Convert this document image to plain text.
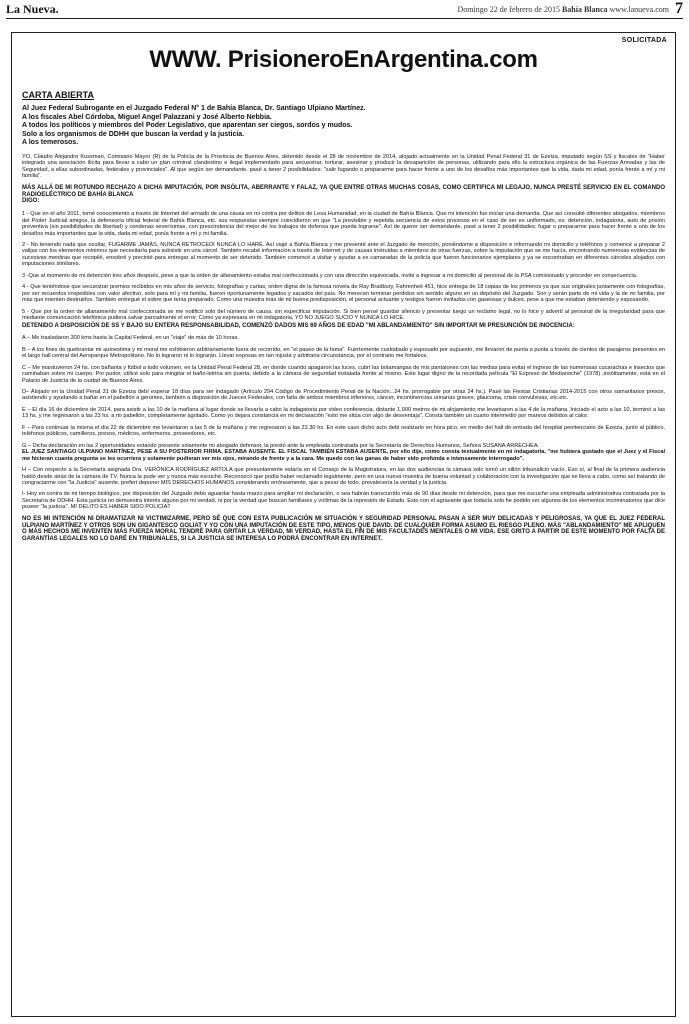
La Nueva.	Domingo 22 de febrero de 2015 Bahía Blanca www.lanueva.com 7
SOLICITADA
WWW. PrisioneroEnArgentina.com
CARTA ABIERTA
Al Juez Federal Subrogante en el Juzgado Federal N° 1 de Bahía Blanca, Dr. Santiago Ulpiano Martínez.
A los fiscales Abel Córdoba, Miguel Angel Palazzani y José Alberto Nebbia.
A todos los políticos y miembros del Poder Legislativo, que aparentan ser ciegos, sordos y mudos.
Solo a los organismos de DDHH que buscan la verdad y la justicia.
A los temerosos.

YO, Claudio Alejandro Kussman, Comisario Mayor (R) de la Policía de la Provincia de Buenos Aires, detenido desde el 28 de noviembre de 2014, alojado actualmente en la Unidad Penal Federal 31 de Ezeiza, imputado según SS y fiscales de "Haber integrado una asociación ilícita para llevar a cabo un plan criminal clandestino e ilegal implementado para secuestrar, torturar, asesinar y producir la desaparición de personas, utilizando para ello la estructura orgánica de las Fuerzas Armadas y las de Seguridad, a ellas subordinadas, federales y provinciales". Al que según ser demandante, pasé a tener 2 posibilidades: "salir fugando o prepararme para hacer frente a uno de los desafíos más importantes que la vida, dada mi edad, ponía frente a mí y mi familia".

MÁS ALLÁ DE MI ROTUNDO RECHAZO A DICHA IMPUTACIÓN, POR INSÓLITA, ABERRANTE Y FALAZ, YA QUE ENTRE OTRAS MUCHAS COSAS, COMO CERTIFICA MI LEGAJO, NUNCA PRESTÉ SERVICIO EN EL COMANDO RADIOELÉCTRICO DE BAHÍA BLANCA

DIGO:

1 - Que en el año 2011, tomé conocimiento a través de Internet del armado de una causa en mi contra por delitos de Lesa Humanidad, en la ciudad de Bahía Blanca. Que mi intención fue iniciar una demanda. Que así consulté diferentes abogados, miembros del Poder Judicial amigos, la defensoría oficial federal de Bahía Blanca, etc. sus respuestas siempre coincidieron en que "La previsible y repetida secuencia de estos procesos en el caso de ser ex uniformado, es: detención, indagatoria, auto de prisión preventiva (sin posibilidades de libertad) y condenas severísimas, con prescindencia del mejor de los trabajos de defensa que pueda lograrse". Así de querer ser demandante, pasé a tener 2 posibilidades: fugar o prepararme para hacer frente a uno de los desafíos más importantes que la vida, dada mi edad, ponía frente a mí y mi familia.

2 - No teniendo nada que ocultar, FUGARME JAMÁS, NUNCA RETROCEDÍ NUNCA LO HARÉ. Así viajé a Bahía Blanca y me presenté ante el Juzgado de mención, poniéndome a disposición e informando mi domicilio y teléfonos y comencé a preparar 2 valijas con los elementos mínimos que necesitaría para subsistir en una cárcel. También recabé información a través de Internet y de causas instruidas a miembros de otras fuerzas, sobre la imputación que se me hacía, encontrando numerosas evidencias de sucesivas mentiras que recopilé, ensobré y precinté para entregar al momento de ser detenido. También comencé a visitar y ayudar a ex camaradas de la policía que fueron funcionarios ejemplares y ya se encontraban en diferentes cárceles alojados con imputaciones similares.

3 -Que al momento de mi detención tres años después, pese a que la orden de allanamiento estaba mal confeccionada y con una dirección equivocada, invité a ingresar a mi domicilio al personal de la PSA comisionado y proceder en consecuencia.

4 - Que teniéndose que secuestrar premios recibidos en mis años de servicio, fotografías y cartas, orden digna de la famosa novela de Ray Bradbury, Fahrenheit 451, hice entrega de 18 copias de los primeros ya que sus originales juntamente con fotografías, por ser recuerdos irrepetibles con valor afectivo, solo para mí y mi familia, fueron oportunamente legados y sacados del país. No merecen terminar perdidos sin sentido alguno en un depósito del Juzgado. Son y serán parte de mi vida y la de mi familia, por más que intenten destruirlos. También entregué el sobre que tenía preparado. Como una muestra más de mi buena predisposición, el personal actuante y testigos fueron invitados con gaseosas y dulces, pese a que me estaban deteniendo y esposando.

5 - Que por la orden de allanamiento mal confeccionada se me notificó solo del número de causa, sin especificar imputación. Si bien pensé guardar silencio y presentar luego un reclamo legal, no lo hice y advertí al personal de la irregularidad para que mediante comunicación telefónica pudiera salvar parcialmente el error. Como ya expresara en mi indagatoria, YO NO JUEGO SUCIO Y NUNCA LO HICE.

DETENIDO A DISPOSICIÓN DE SS Y BAJO SU ENTERA RESPONSABILIDAD, COMENZÓ DADOS MIS 69 AÑOS DE EDAD "MI ABLANDAMIENTO" SIN IMPORTAR MI PRESUNCIÓN DE INOCENCIA:

A – Me trasladaron 300 kms hasta la Capital Federal, en un "viaje" de más de 10 horas.

B – A los fines de quebrantar mi autoestima y mi moral me exhibieron arbitrariamente fuera de recorrido, en "el paseo de la fama". Fuertemente custodiado y esposado por supuesto, me llevaron de punta a punta a través de cientos de pasajeros presentes en el largo hall central del Aeroparque Metropolitano. No lo lograron ni lo lograrán. Llevar esposas en tan injusta y arbitraria circunstancia, por el contrario me fortalece.

C – Me mantuvieron 24 hs. con bañanta y fútbol a todo volumen, en la Unidad Penal Federal 28, en donde cuando apagaron las luces, cubrí las botamangas de mis pantalones con las medias para evitar el ingreso de las numerosas cucarachas e insectos que caminaban sobre mi cuerpo. Por pudor, utilicé solo para mingitar el baño-letrina sin puerta, debido a la cámara de seguridad instalada frente al mismo. Este lugar digno de la recordada película "El Expreso de Medianoche" (1978) ,insólitamente, está en el Palacio de Justicia de la ciudad de Buenos Aires.

D– Alojado en la Unidad Penal 31 de Ezeiza debí esperar 18 días para ser indagado (Artículo 294 Código de Procedimiento Penal de la Nación...24 hs. prorrogable por otras 24 hs.). Pasé las Fiestas Cristianas 2014-2015 con otros samaritanos presos, asistiendo y ayudando a bañar en el pabellón a gerontes, también a disposición de Jueces Federales, con falta de ambos miembros inferiores, cáncer, incontinencias urinarias graves, glaucoma, crisis convulsivas, etc.etc.

E – El día 16 de diciembre de 2014, para asistir a las 10 de la mañana al lugar donde se llevaría a cabo la indagatoria por video conferencia, distante 1.000 metros de mi alojamiento me levantaron a las 4 de la mañana. Iniciado el acto a las 10, terminó a las 13 hs. y me regresaron a las 23 hs. a mi pabellón, completamente agotado. Como yo dejara constancia en mi declaración "esto me sitúa con algo de desventaja". Consta también un cuarto intermedio por mareos debidos al calor.

F – Para continuar la misma el día 22 de diciembre me levantaron a las 5 de la mañana y me regresaron a las 22.30 hs. En este caso dicho acto debí realizarlo en hora pico, en medio del hall de entrada del hospital penitenciario de Ezeiza, junto al público, teléfonos públicos, camilleros, presos, médicos, enfermeros, proveedores, etc.

G – Dicha declaración en las 2 oportunidades estando presente solamente mi abogado defensor, la prestó ante la empleada contratada por la Secretaría de Derechos Humanos, Señora SUSANA ARRECHEA.

EL JUEZ SANTIAGO ULPIANO MARTÍNEZ, PESE A SU POSTERIOR FIRMA, ESTABA AUSENTE. EL FISCAL TAMBIÉN ESTABA AUSENTE, por ello dije, como consta textualmente en mi indagatoria, "me hubiera gustado que el Juez y el Fiscal me hicieran cuanta pregunta se les ocurriera y solamente pudieran ver mis ojos, mirando de frente y a la cara. Me quedo con las ganas de haber sido profunda e intensamente interrogado".

H – Con respecto a la Secretaría asignada Dra. VERÓNICA RODRÍGUEZ ARTOLA que presuntamente estaría en el Consejo de la Magistratura, en las dos audiencias la cámara solo tomó un sillón tribunalicio vacío. Eso sí, al final de la primera audiencia habló desde atrás de la cámara de TV. Nunca la pude ver y nunca más escuché. Reconozco que podía haber reclamado legalmente, pero en una nueva muestra de buena voluntad y colaboración con la investigación que se lleva a cabo, como así tratando de congraciarme con "la Justicia" ausente, preferí deponer MIS DERECHOS HUMANOS considerando erróneamente, que a pesar de todo, prevalecería la verdad y la justicia.

I- Hoy en contra de mi tiempo biológico, por disposición del Juzgado debo aguardar hasta marzo para ampliar mi declaración, o sea habrán transcurrido más de 90 días desde mi detención, para que me escuche una empleada administrativa contratada por la Secretaría de DDHH. Esta justicia no demuestra interés alguno por mi verdad, ni por la verdad que buscan familiares y víctimas de la represión de Estado. Esto con el agravante que todavía solo he podido ver algunos de los elementos incriminatorios que dice poseer "la justicia". MI DELITO ES HABER SIDO POLICÍA?

NO ES MI INTENCIÓN NI DRAMATIZAR NI VICTIMIZARME, PERO SÉ QUE CON ESTA PUBLICACIÓN MI SITUACIÓN Y SEGURIDAD PERSONAL PASAN A SER MUY DELICADAS Y PELIGROSAS, YA QUE EL JUEZ FEDERAL ULPIANO MARTÍNEZ Y OTROS SON UN GIGANTESCO GOLIAT Y YO CON UNA IMPUTACIÓN DE ESTE TIPO, MENOS QUE DAVID. DE CUALQUIER FORMA ASUMO EL RIESGO PLENO. MÁS "ABLANDAMIENTO" ME APLIQUEN O MÁS HECHOS ME INVENTEN MÁS FUERZA MORAL TENDRÉ PARA GRITAR LA VERDAD, MI VERDAD, HASTA EL FIN DE MIS FACULTADES MENTALES O MI VIDA. ESE GRITO A PARTIR DE ESTE MOMENTO POR FALTA DE GARANTÍAS LEGALES NO LO DARÉ EN TRIBUNALES, SI LA JUSTICIA SE INTERESA LO PODRÁ ENCONTRAR EN INTERNET.
